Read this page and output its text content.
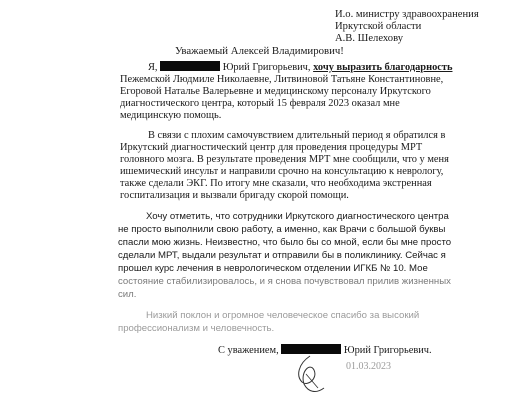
И.о. министру здравоохранения
Иркутской области
А.В. Шелехову
Уважаемый Алексей Владимирович!
Я,	Юрий Григорьевич, хочу выразить благодарность
Пежемской Людмиле Николаевне, Литвиновой Татьяне Константиновне,
Егоровой Наталье Валерьевне и медицинскому персоналу Иркутского
диагностического центра, который 15 февраля 2023 оказал мне
медицинскую помощь.
В связи с плохим самочувствием длительный период я обратился в
Иркутский диагностический центр для проведения процедуры МРТ
головного мозга. В результате проведения МРТ мне сообщили, что у меня
ишемический инсульт и направили срочно на консультацию к неврологу,
также сделали ЭКГ. По итогу мне сказали, что необходима экстренная
госпитализация и вызвали бригаду скорой помощи.
Хочу отметить, что сотрудники Иркутского диагностического центра
не просто выполнили свою работу, а именно, как Врачи с большой буквы
спасли мою жизнь. Неизвестно, что было бы со мной, если бы мне просто
сделали МРТ, выдали результат и отправили бы в поликлинику. Сейчас я
прошел курс лечения в неврологическом отделении ИГКБ № 10. Мое
состояние стабилизировалось, и я снова почувствовал прилив жизненных
сил.
Низкий поклон и огромное человеческое спасибо за высокий
профессионализм и человечность.
С уважением,	Юрий Григорьевич.
01.03.2023
